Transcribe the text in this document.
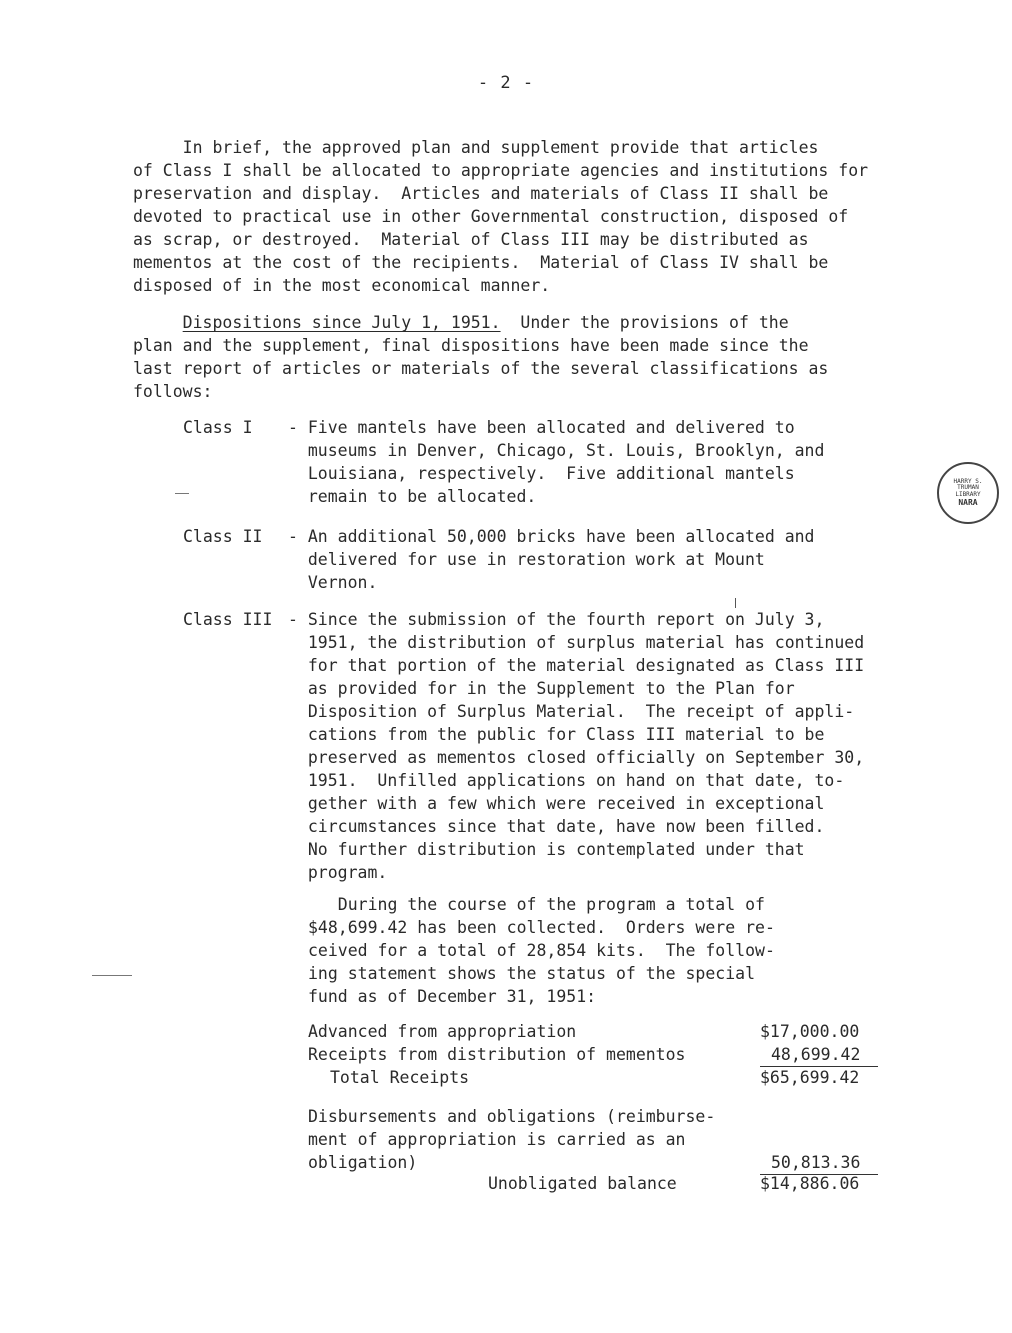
- 2 -
In brief, the approved plan and supplement provide that articles
of Class I shall be allocated to appropriate agencies and institutions for
preservation and display.  Articles and materials of Class II shall be
devoted to practical use in other Governmental construction, disposed of
as scrap, or destroyed.  Material of Class III may be distributed as
mementos at the cost of the recipients.  Material of Class IV shall be
disposed of in the most economical manner.
Dispositions since July 1, 1951.  Under the provisions of the
plan and the supplement, final dispositions have been made since the
last report of articles or materials of the several classifications as
follows:
Class I - Five mantels have been allocated and delivered to
museums in Denver, Chicago, St. Louis, Brooklyn, and
Louisiana, respectively.  Five additional mantels
remain to be allocated.
Class II - An additional 50,000 bricks have been allocated and
delivered for use in restoration work at Mount
Vernon.
Class III - Since the submission of the fourth report on July 3,
1951, the distribution of surplus material has continued
for that portion of the material designated as Class III
as provided for in the Supplement to the Plan for
Disposition of Surplus Material.  The receipt of appli-
cations from the public for Class III material to be
preserved as mementos closed officially on September 30,
1951.  Unfilled applications on hand on that date, to-
gether with a few which were received in exceptional
circumstances since that date, have now been filled.
No further distribution is contemplated under that
program.
During the course of the program a total of
$48,699.42 has been collected.  Orders were re-
ceived for a total of 28,854 kits.  The follow-
ing statement shows the status of the special
fund as of December 31, 1951:
Advanced from appropriation	$17,000.00
Receipts from distribution of mementos	48,699.42
Total Receipts	$65,699.42
Disbursements and obligations (reimburse-
ment of appropriation is carried as an
obligation)	50,813.36
Unobligated balance	$14,886.06
HARRY S. TRUMAN LIBRARY
NARA
